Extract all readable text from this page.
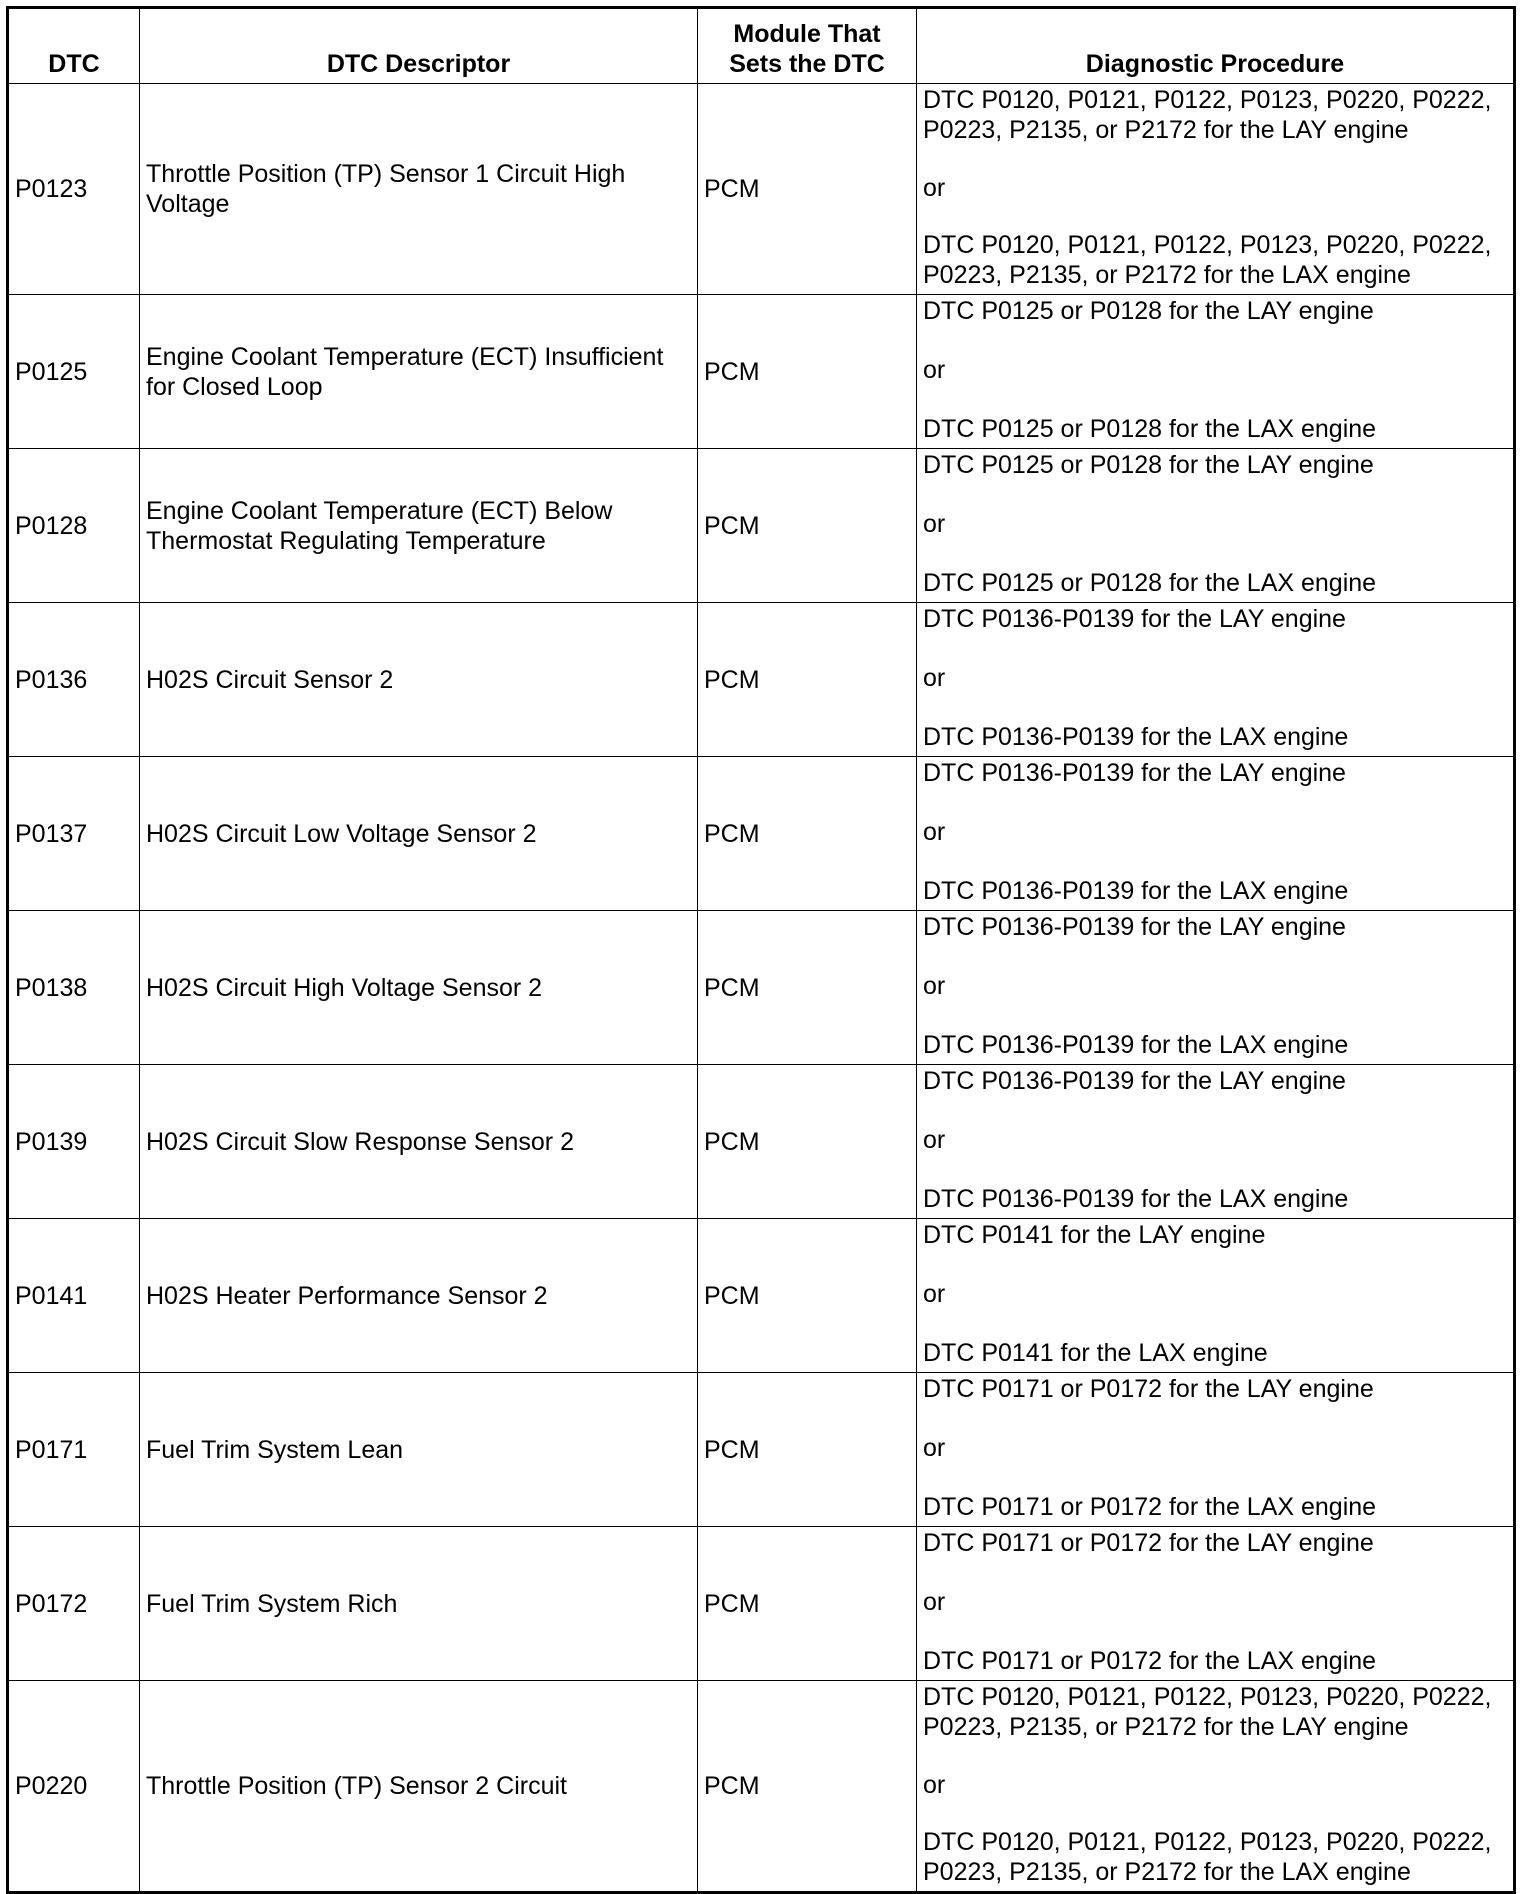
DTC	DTC Descriptor	Module That Sets the DTC	Diagnostic Procedure
P0123	Throttle Position (TP) Sensor 1 Circuit High Voltage	PCM	DTC P0120, P0121, P0122, P0123, P0220, P0222, P0223, P2135, or P2172 for the LAY engine
or
DTC P0120, P0121, P0122, P0123, P0220, P0222, P0223, P2135, or P2172 for the LAX engine

P0125	Engine Coolant Temperature (ECT) Insufficient for Closed Loop	PCM	DTC P0125 or P0128 for the LAY engine
or
DTC P0125 or P0128 for the LAX engine

P0128	Engine Coolant Temperature (ECT) Below Thermostat Regulating Temperature	PCM	DTC P0125 or P0128 for the LAY engine
or
DTC P0125 or P0128 for the LAX engine

P0136	H02S Circuit Sensor 2	PCM	DTC P0136-P0139 for the LAY engine
or
DTC P0136-P0139 for the LAX engine

P0137	H02S Circuit Low Voltage Sensor 2	PCM	DTC P0136-P0139 for the LAY engine
or
DTC P0136-P0139 for the LAX engine

P0138	H02S Circuit High Voltage Sensor 2	PCM	DTC P0136-P0139 for the LAY engine
or
DTC P0136-P0139 for the LAX engine

P0139	H02S Circuit Slow Response Sensor 2	PCM	DTC P0136-P0139 for the LAY engine
or
DTC P0136-P0139 for the LAX engine

P0141	H02S Heater Performance Sensor 2	PCM	DTC P0141 for the LAY engine
or
DTC P0141 for the LAX engine

P0171	Fuel Trim System Lean	PCM	DTC P0171 or P0172 for the LAY engine
or
DTC P0171 or P0172 for the LAX engine

P0172	Fuel Trim System Rich	PCM	DTC P0171 or P0172 for the LAY engine
or
DTC P0171 or P0172 for the LAX engine

P0220	Throttle Position (TP) Sensor 2 Circuit	PCM	DTC P0120, P0121, P0122, P0123, P0220, P0222, P0223, P2135, or P2172 for the LAY engine
or
DTC P0120, P0121, P0122, P0123, P0220, P0222, P0223, P2135, or P2172 for the LAX engine
